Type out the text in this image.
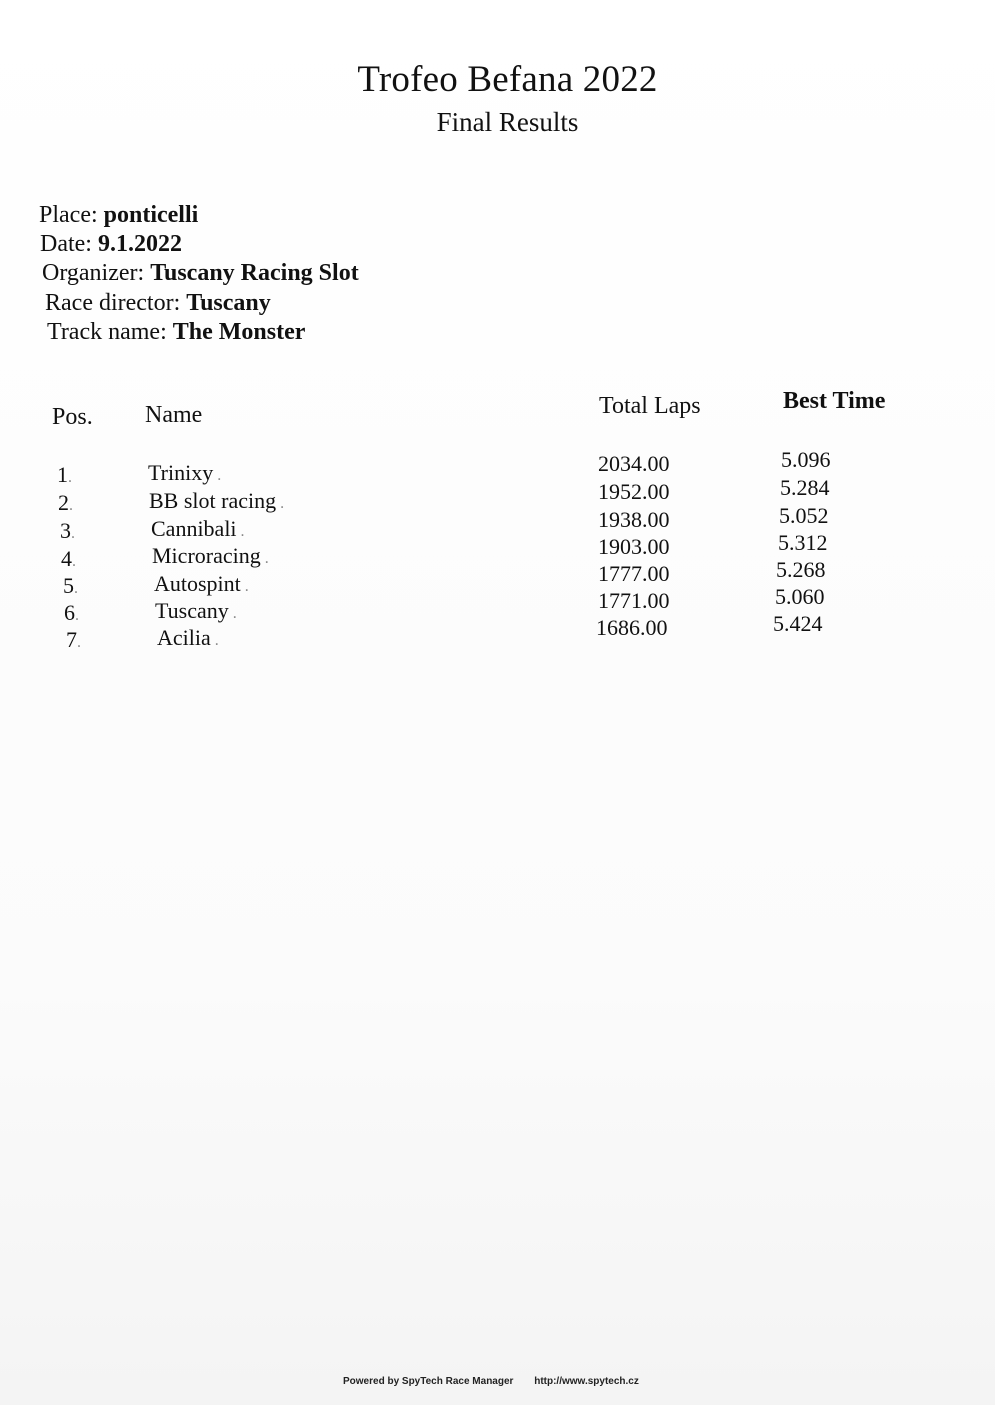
Trofeo Befana 2022
Final Results
Place: ponticelli
Date: 9.1.2022
Organizer: Tuscany Racing Slot
Race director: Tuscany
Track name: The Monster
Pos. Name	Total Laps	Best Time
1 .	Trinixy .	2034.00	5.096
2 .	BB slot racing .	1952.00	5.284
3 .	Cannibali .	1938.00	5.052
4 .	Microracing .	1903.00	5.312
5 .	Autospint .	1777.00	5.268
6 .	Tuscany .	1771.00	5.060
7 .	Acilia .	1686.00	5.424
Powered by SpyTech Race Manager http://www.spytech.cz
